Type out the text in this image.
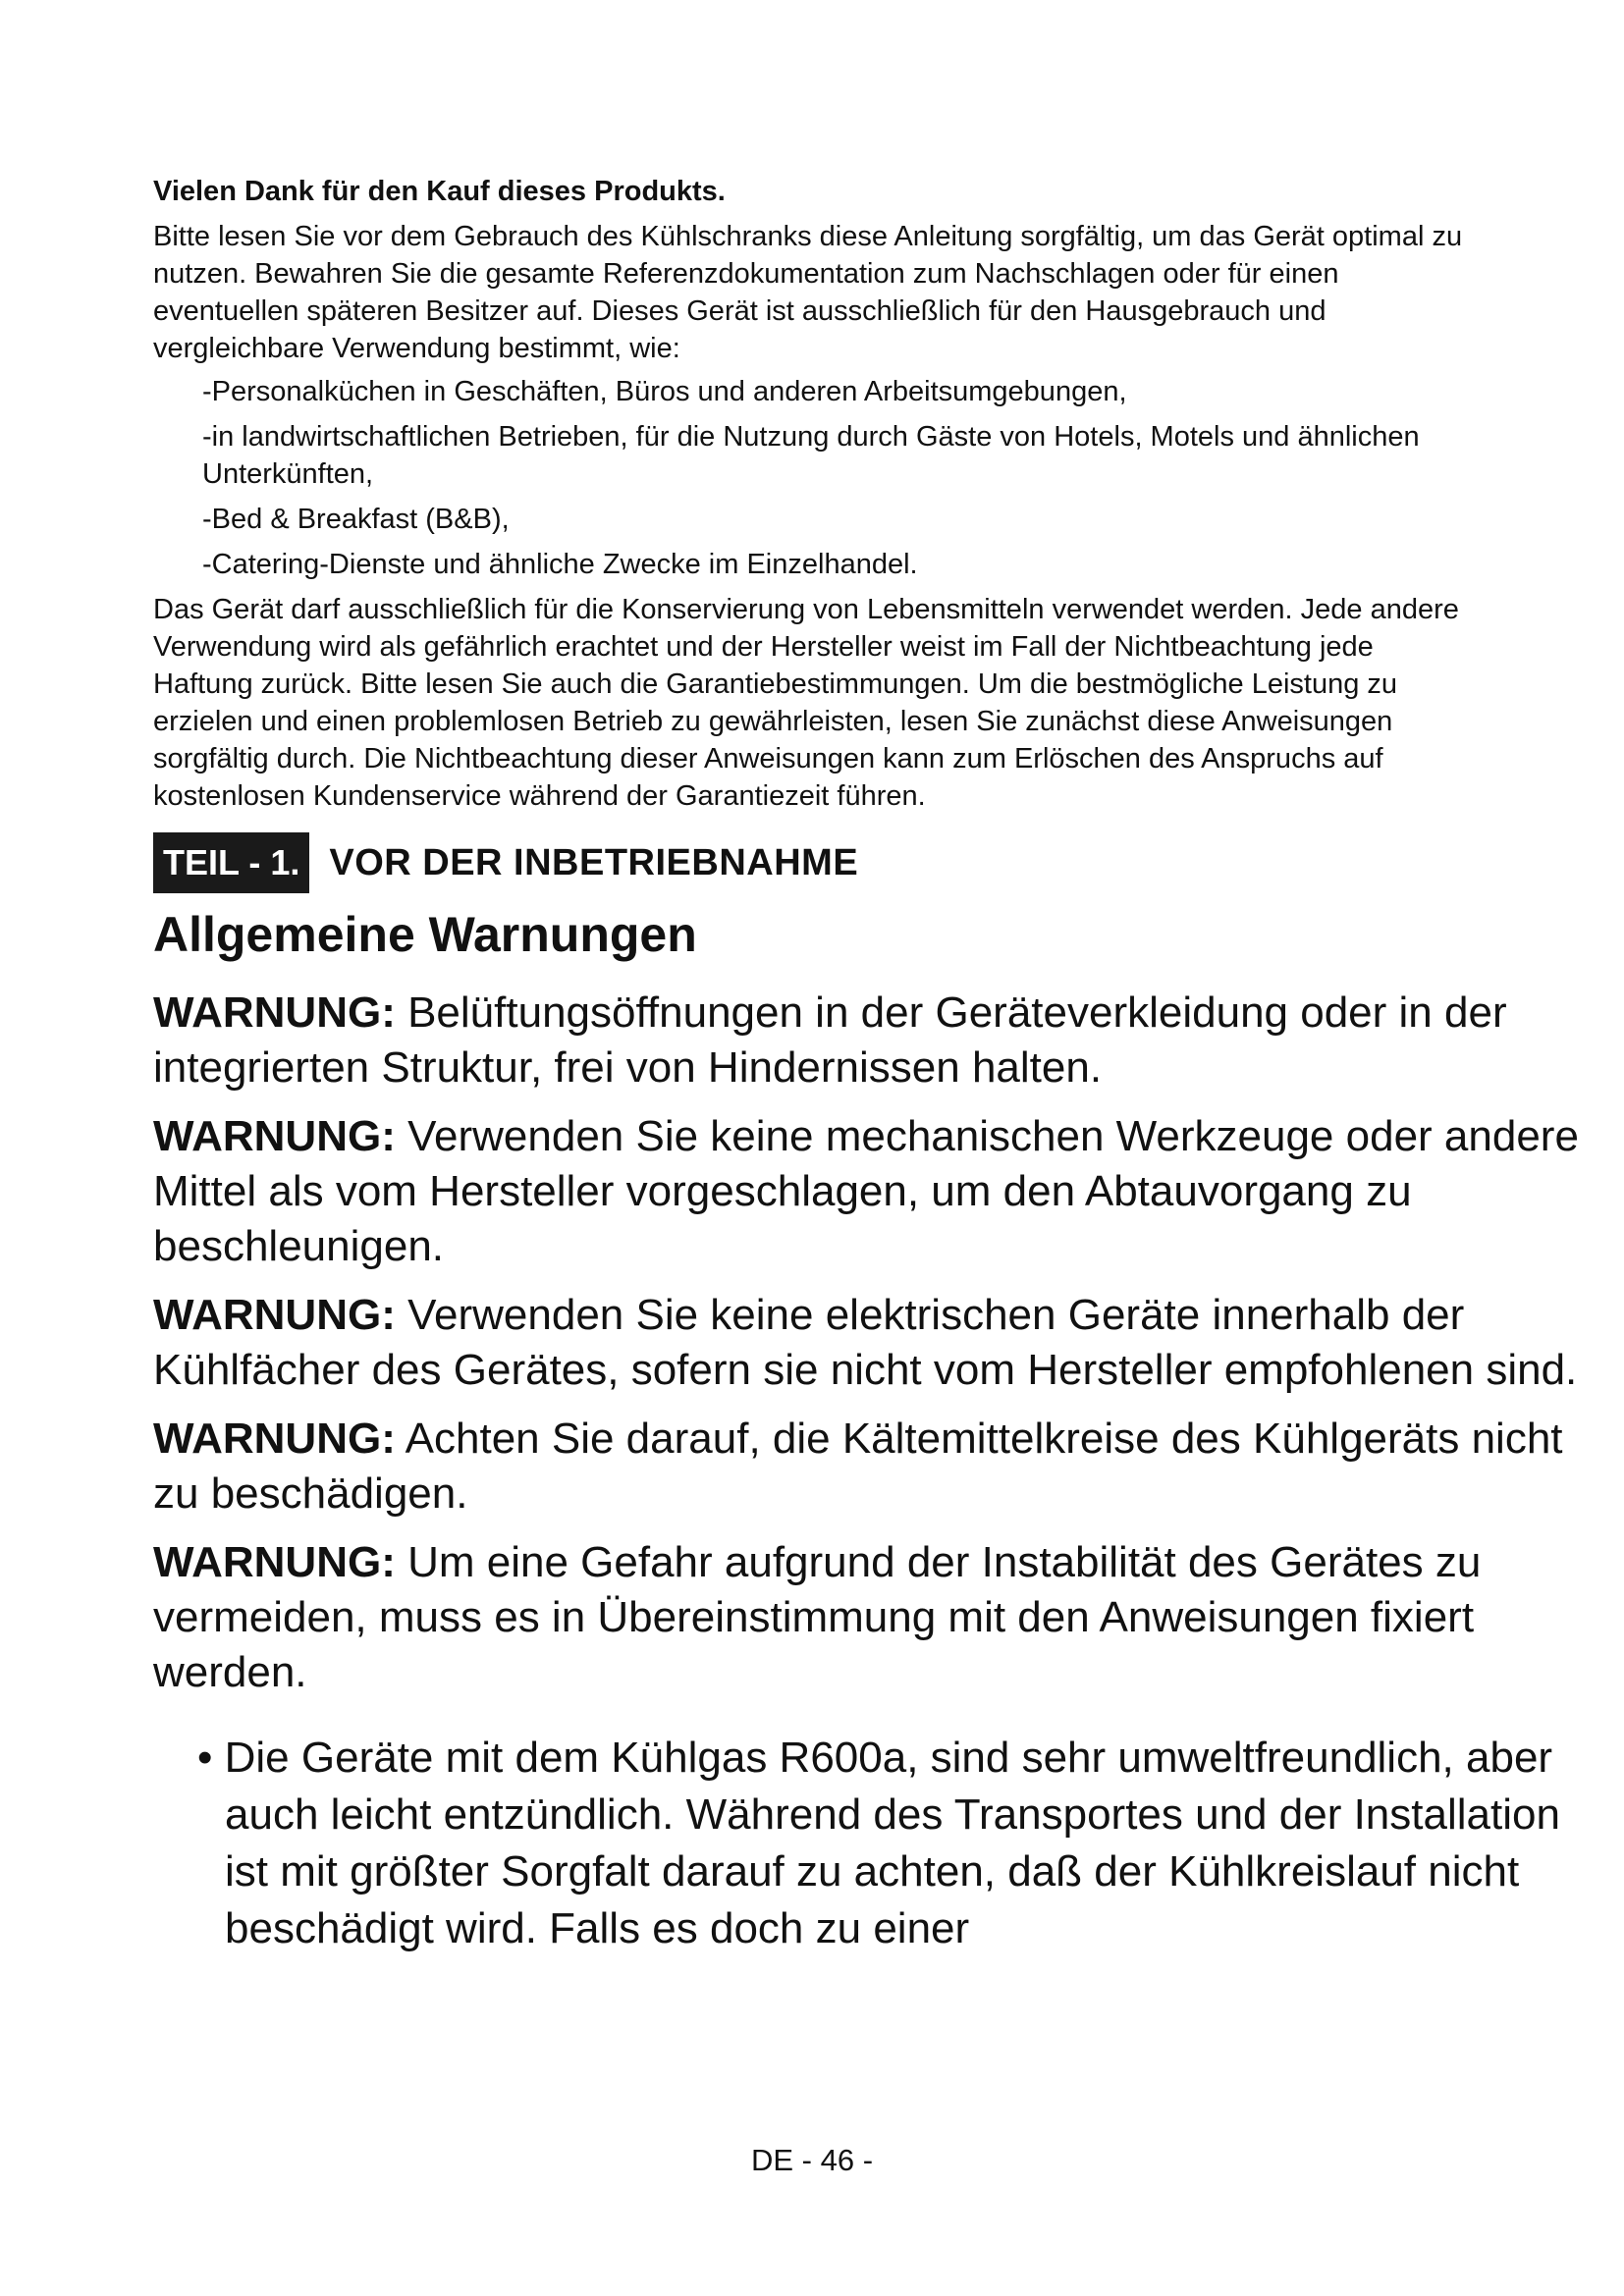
Vielen Dank für den Kauf dieses Produkts.

Bitte lesen Sie vor dem Gebrauch des Kühlschranks diese Anleitung sorgfältig, um das Gerät optimal zu nutzen. Bewahren Sie die gesamte Referenzdokumentation zum Nachschlagen oder für einen eventuellen späteren Besitzer auf. Dieses Gerät ist ausschließlich für den Hausgebrauch und vergleichbare Verwendung bestimmt, wie:

-Personalküchen in Geschäften, Büros und anderen Arbeitsumgebungen,
-in landwirtschaftlichen Betrieben, für die Nutzung durch Gäste von Hotels, Motels und ähnlichen Unterkünften,
-Bed & Breakfast (B&B),
-Catering-Dienste und ähnliche Zwecke im Einzelhandel.

Das Gerät darf ausschließlich für die Konservierung von Lebensmitteln verwendet werden. Jede andere Verwendung wird als gefährlich erachtet und der Hersteller weist im Fall der Nichtbeachtung jede Haftung zurück. Bitte lesen Sie auch die Garantiebestimmungen. Um die bestmögliche Leistung zu erzielen und einen problemlosen Betrieb zu gewährleisten, lesen Sie zunächst diese Anweisungen sorgfältig durch. Die Nichtbeachtung dieser Anweisungen kann zum Erlöschen des Anspruchs auf kostenlosen Kundenservice während der Garantiezeit führen.

TEIL - 1. VOR DER INBETRIEBNAHME
Allgemeine Warnungen

WARNUNG: Belüftungsöffnungen in der Geräteverkleidung oder in der integrierten Struktur, frei von Hindernissen halten.

WARNUNG: Verwenden Sie keine mechanischen Werkzeuge oder andere Mittel als vom Hersteller vorgeschlagen, um den Abtauvorgang zu beschleunigen.

WARNUNG: Verwenden Sie keine elektrischen Geräte innerhalb der Kühlfächer des Gerätes, sofern sie nicht vom Hersteller empfohlenen sind.

WARNUNG: Achten Sie darauf, die Kältemittelkreise des Kühlgeräts nicht zu beschädigen.

WARNUNG: Um eine Gefahr aufgrund der Instabilität des Gerätes zu vermeiden, muss es in Übereinstimmung mit den Anweisungen fixiert werden.

• Die Geräte mit dem Kühlgas R600a, sind sehr umweltfreundlich, aber auch leicht entzündlich. Während des Transportes und der Installation ist mit größter Sorgfalt darauf zu achten, daß der Kühlkreislauf nicht beschädigt wird. Falls es doch zu einer

DE - 46 -
